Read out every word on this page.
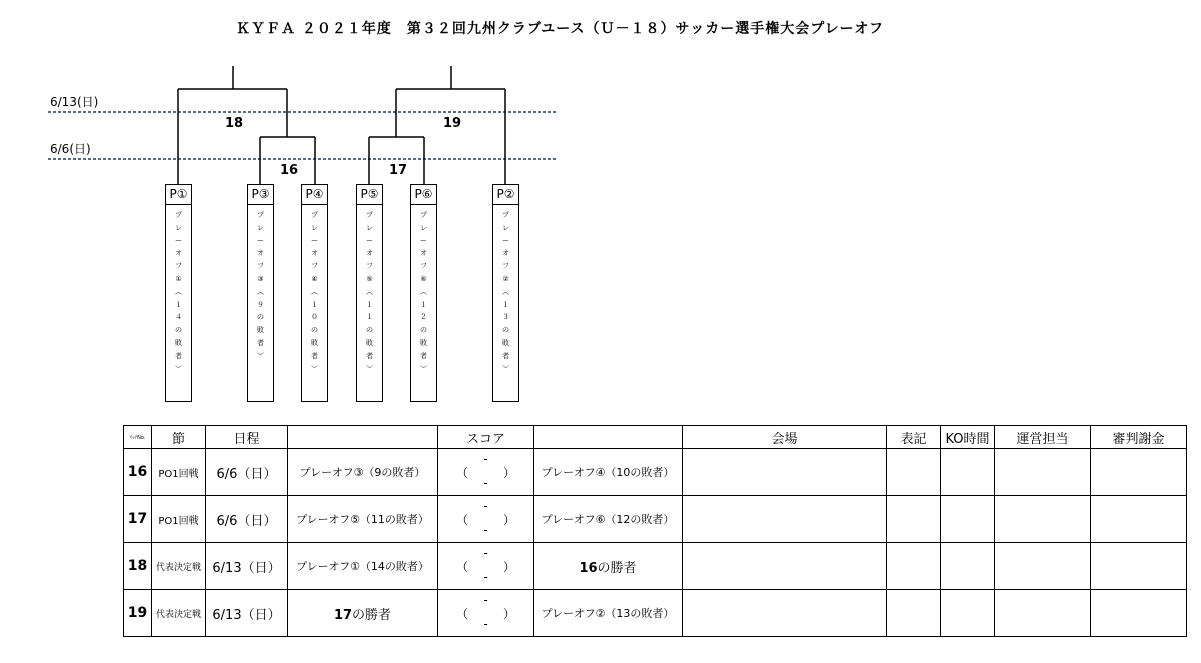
ＫＹＦＡ ２０２１年度　第３２回九州クラブユース（Ｕ－１８）サッカー選手権大会プレーオフ
6/13(日)
6/6(日)
18	19
16	17
P①
プ
レ
ー
オ
フ
①
︵
１
４
の
敗
者
︶
P③
プ
レ
ー
オ
フ
③
︵
９
の
敗
者
︶
P④
プ
レ
ー
オ
フ
④
︵
１
０
の
敗
者
︶
P⑤
プ
レ
ー
オ
フ
⑤
︵
１
１
の
敗
者
︶
P⑥
プ
レ
ー
オ
フ
⑥
︵
１
２
の
敗
者
︶
P②
プ
レ
ー
オ
フ
②
︵
１
３
の
敗
者
︶
ﾏｯﾁNo.	節	日程		スコア		会場	表記	KO時間	運営担当	審判謝金
16	PO1回戦	6/6（日）	プレーオフ③（9の敗者）	（
-
-
）	プレーオフ④（10の敗者）					
17	PO1回戦	6/6（日）	プレーオフ⑤（11の敗者）	（
-
-
）	プレーオフ⑥（12の敗者）					
18	代表決定戦	6/13（日）	プレーオフ①（14の敗者）	（
-
-
）	16の勝者					
19	代表決定戦	6/13（日）	17の勝者	（
-
-
）	プレーオフ②（13の敗者）					
